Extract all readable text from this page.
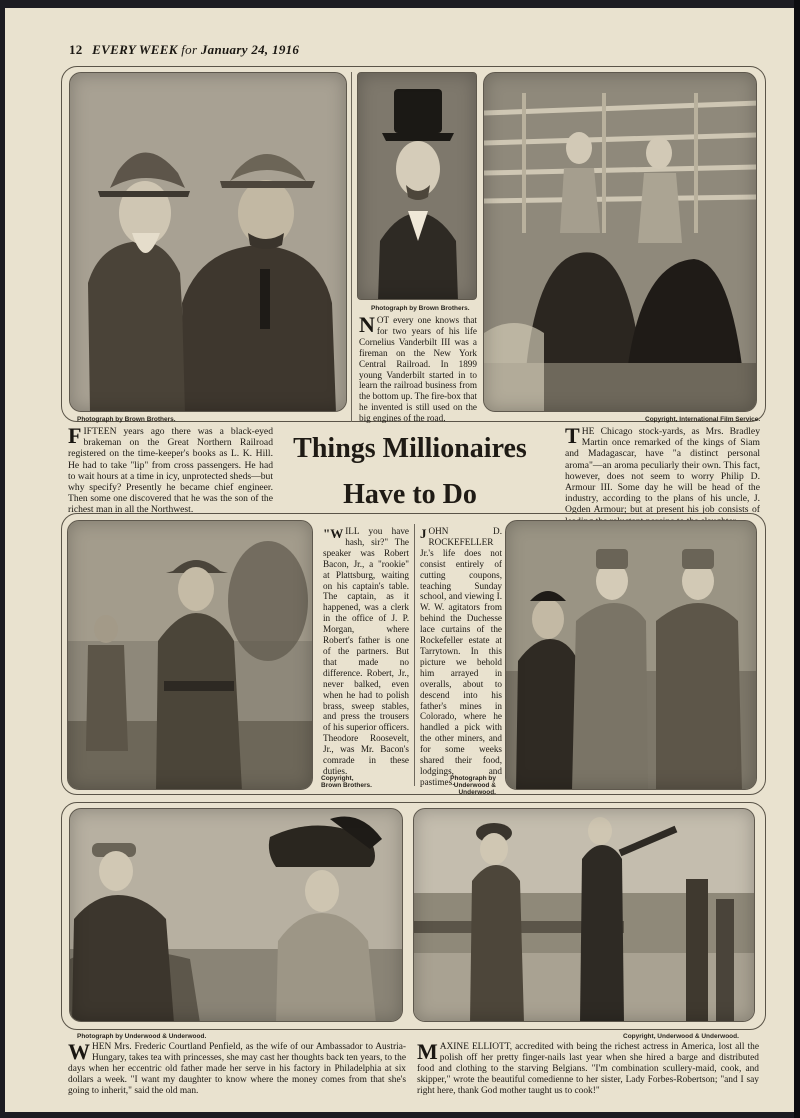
12 EVERY WEEK for January 24, 1916
Photograph by Brown Brothers.
NOT every one knows that for two years of his life Cornelius Vanderbilt III was a fireman on the New York Central Railroad. In 1899 young Vanderbilt started in to learn the railroad business from the bottom up. The fire-box that he invented is still used on the big engines of the road.
Photograph by Brown Brothers.	Copyright, International Film Service.
FIFTEEN years ago there was a black-eyed brakeman on the Great Northern Railroad registered on the time-keeper's books as L. K. Hill. He had to take "lip" from cross passengers. He had to wait hours at a time in icy, unprotected sheds—but why specify? Presently he became chief engineer. Then some one discovered that he was the son of the richest man in all the Northwest.
Things Millionaires
Have to Do
THE Chicago stock-yards, as Mrs. Bradley Martin once remarked of the kings of Siam and Madagascar, have "a distinct personal aroma"—an aroma peculiarly their own. This fact, however, does not seem to worry Philip D. Armour III. Some day he will be head of the industry, according to the plans of his uncle, J. Ogden Armour; but at present his job consists of
"W ILL you have hash, sir?" The speaker was Robert Bacon, Jr., a "rookie" at Plattsburg, waiting on his captain's table. The captain, as it happened, was a clerk in the office of J. P. Morgan, where Robert's father is one of the partners. But that made no difference. Robert, Jr., never balked, even when he had to polish brass, sweep stables, and press the trousers of his superior officers. Theodore Roosevelt, Jr., was Mr. Bacon's comrade in these duties.
J OHN D. ROCKEFELLER Jr.'s life does not consist entirely of cutting coupons, teaching Sunday school, and viewing I. W. W. agitators from behind the Duchesse lace curtains of the Rockefeller estate at Tarrytown. In this picture we behold him arrayed in overalls, about to descend into his father's mines in Colorado, where he handled a pick with the other miners, and for some weeks shared their food, lodgings, and pastimes.
Copyright,
Brown Brothers.
Photograph by
Underwood & Underwood.
Photograph by Underwood & Underwood.	Copyright, Underwood & Underwood.
WHEN Mrs. Frederic Courtland Penfield, as the wife of our Ambassador to Austria-Hungary, takes tea with princesses, she may cast her thoughts back ten years, to the days when her eccentric old father made her serve in his factory in Philadelphia at six dollars a week. "I want my daughter to know where the money comes from that she's going to inherit," said the old man.
MAXINE ELLIOTT, accredited with being the richest actress in America, lost all the polish off her pretty finger-nails last year when she hired a barge and distributed food and clothing to the starving Belgians. "I'm combination scullery-maid, cook, and skipper," wrote the beautiful comedienne to her sister, Lady Forbes-Robertson; "and I say right here, thank God mother taught us to cook!"
